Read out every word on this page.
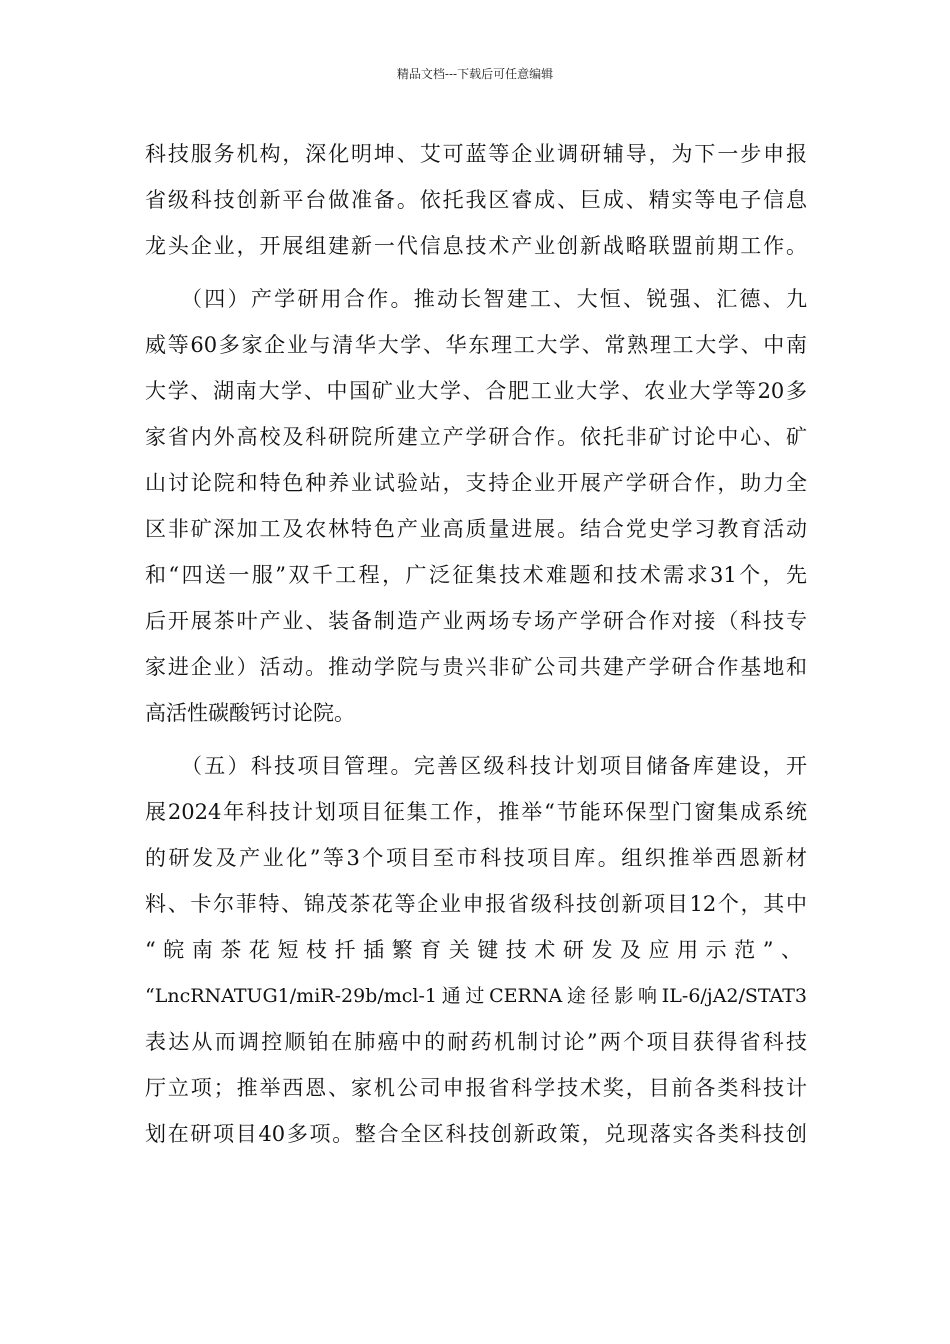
精品文档---下载后可任意编辑
科技服务机构，深化明坤、艾可蓝等企业调研辅导，为下一步申报
省级科技创新平台做准备。依托我区睿成、巨成、精实等电子信息
龙头企业，开展组建新一代信息技术产业创新战略联盟前期工作。
　　（四）产学研用合作。推动长智建工、大恒、锐强、汇德、九
威等60多家企业与清华大学、华东理工大学、常熟理工大学、中南
大学、湖南大学、中国矿业大学、合肥工业大学、农业大学等20多
家省内外高校及科研院所建立产学研合作。依托非矿讨论中心、矿
山讨论院和特色种养业试验站，支持企业开展产学研合作，助力全
区非矿深加工及农林特色产业高质量进展。结合党史学习教育活动
和“四送一服”双千工程，广泛征集技术难题和技术需求31个，先
后开展茶叶产业、装备制造产业两场专场产学研合作对接（科技专
家进企业）活动。推动学院与贵兴非矿公司共建产学研合作基地和
高活性碳酸钙讨论院。
　　（五）科技项目管理。完善区级科技计划项目储备库建设，开
展2024年科技计划项目征集工作，推举“节能环保型门窗集成系统
的研发及产业化”等3个项目至市科技项目库。组织推举西恩新材
料、卡尔菲特、锦茂茶花等企业申报省级科技创新项目12个，其中
“皖南茶花短枝扦插繁育关键技术研发及应用示范”、
“LncRNATUG1/miR-29b/mcl-1通过CERNA途径影响IL-6/jA2/STAT3
表达从而调控顺铂在肺癌中的耐药机制讨论”两个项目获得省科技
厅立项；推举西恩、家机公司申报省科学技术奖，目前各类科技计
划在研项目40多项。整合全区科技创新政策，兑现落实各类科技创
